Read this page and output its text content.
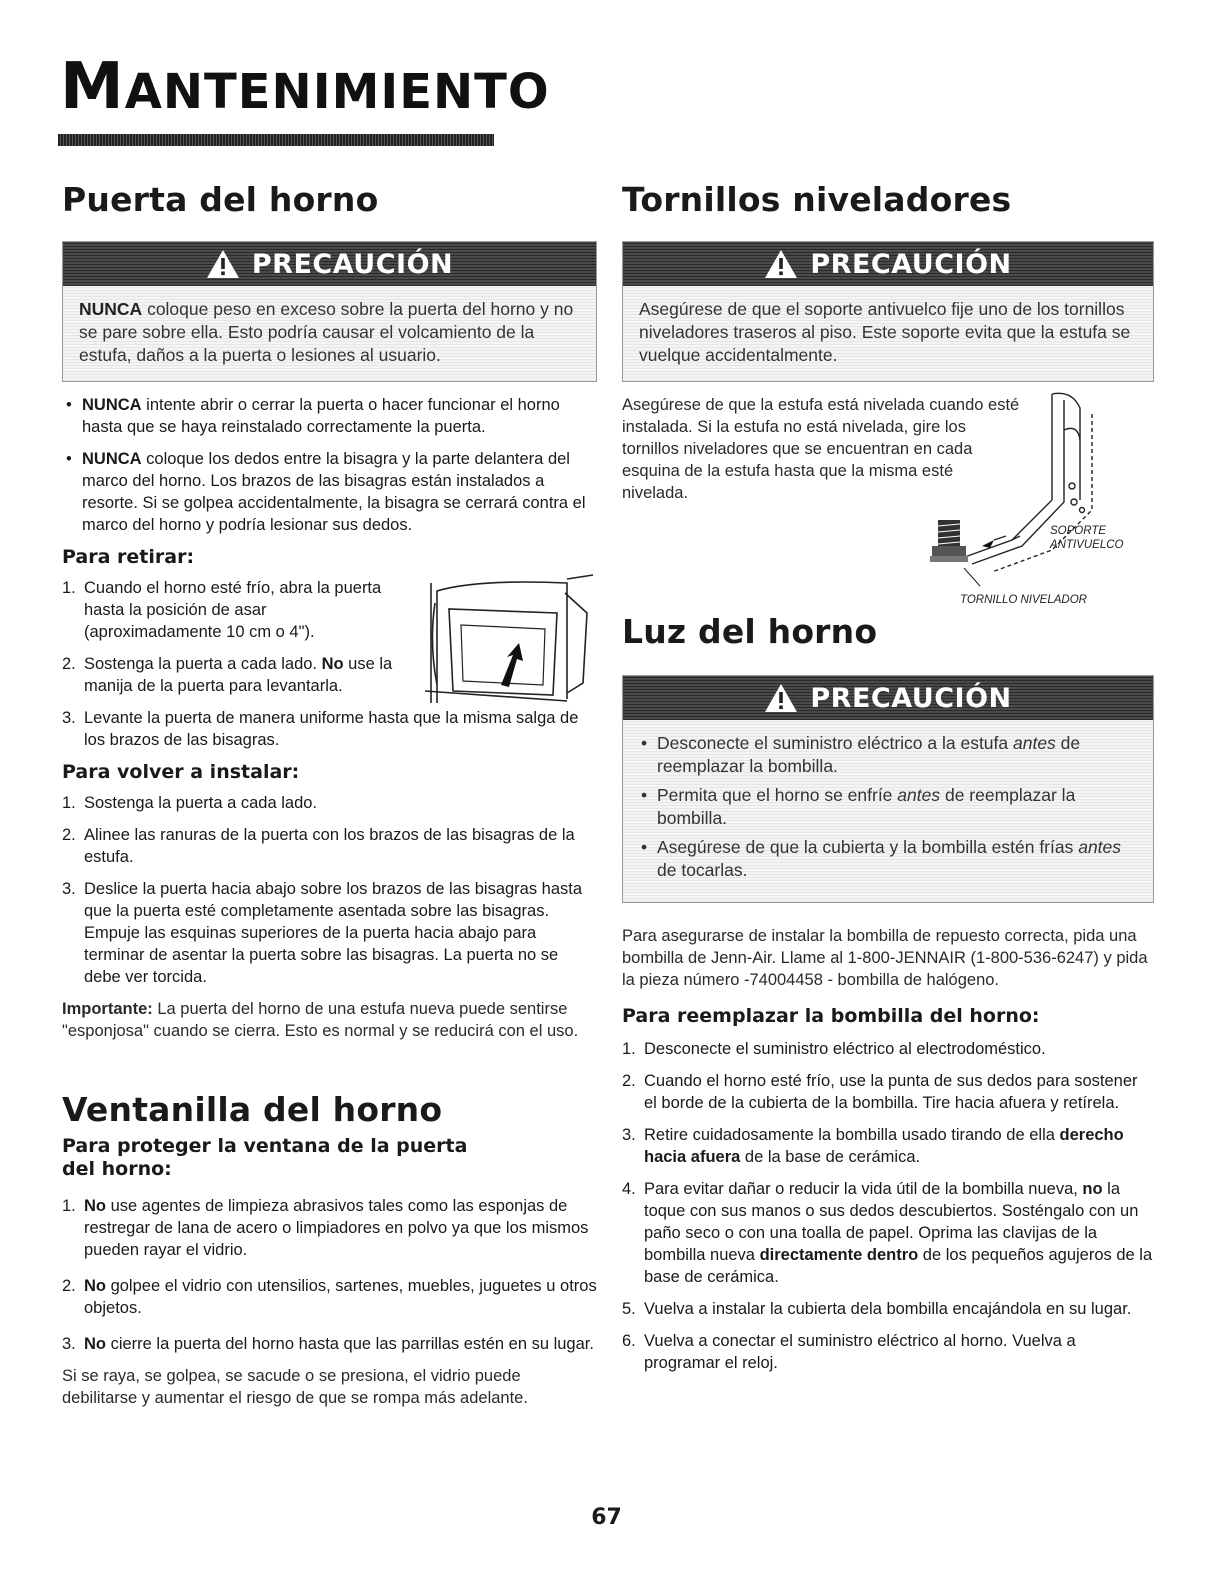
MANTENIMIENTO
Puerta del horno
PRECAUCIÓN
NUNCA coloque peso en exceso sobre la puerta del horno y no se pare sobre ella. Esto podría causar el volcamiento de la estufa, daños a la puerta o lesiones al usuario.
• NUNCA intente abrir o cerrar la puerta o hacer funcionar el horno hasta que se haya reinstalado correctamente la puerta.
• NUNCA coloque los dedos entre la bisagra y la parte delantera del marco del horno. Los brazos de las bisagras están instalados a resorte. Si se golpea accidentalmente, la bisagra se cerrará contra el marco del horno y podría lesionar sus dedos.
Para retirar:
1. Cuando el horno esté frío, abra la puerta hasta la posición de asar (aproximadamente 10 cm o 4").
2. Sostenga la puerta a cada lado. No use la manija de la puerta para levantarla.
3. Levante la puerta de manera uniforme hasta que la misma salga de los brazos de las bisagras.
Para volver a instalar:
1. Sostenga la puerta a cada lado.
2. Alinee las ranuras de la puerta con los brazos de las bisagras de la estufa.
3. Deslice la puerta hacia abajo sobre los brazos de las bisagras hasta que la puerta esté completamente asentada sobre las bisagras. Empuje las esquinas superiores de la puerta hacia abajo para terminar de asentar la puerta sobre las bisagras. La puerta no se debe ver torcida.

Importante: La puerta del horno de una estufa nueva puede sentirse "esponjosa" cuando se cierra. Esto es normal y se reducirá con el uso.

Ventanilla del horno
Para proteger la ventana de la puerta del horno:
1. No use agentes de limpieza abrasivos tales como las esponjas de restregar de lana de acero o limpiadores en polvo ya que los mismos pueden rayar el vidrio.
2. No golpee el vidrio con utensilios, sartenes, muebles, juguetes u otros objetos.
3. No cierre la puerta del horno hasta que las parrillas estén en su lugar.

Si se raya, se golpea, se sacude o se presiona, el vidrio puede debilitarse y aumentar el riesgo de que se rompa más adelante.

Tornillos niveladores
PRECAUCIÓN
Asegúrese de que el soporte antivuelco fije uno de los tornillos niveladores traseros al piso. Este soporte evita que la estufa se vuelque accidentalmente.

Asegúrese de que la estufa está nivelada cuando esté instalada. Si la estufa no está nivelada, gire los tornillos niveladores que se encuentran en cada esquina de la estufa hasta que la misma esté nivelada.

SOPORTE
ANTIVUELCO
TORNILLO NIVELADOR
Luz del horno
PRECAUCIÓN
• Desconecte el suministro eléctrico a la estufa antes de reemplazar la bombilla.
• Permita que el horno se enfríe antes de reemplazar la bombilla.
• Asegúrese de que la cubierta y la bombilla estén frías antes de tocarlas.

Para asegurarse de instalar la bombilla de repuesto correcta, pida una bombilla de Jenn-Air. Llame al 1-800-JENNAIR (1-800-536-6247) y pida la pieza número -74004458 - bombilla de halógeno.

Para reemplazar la bombilla del horno:
1. Desconecte el suministro eléctrico al electrodoméstico.
2. Cuando el horno esté frío, use la punta de sus dedos para sostener el borde de la cubierta de la bombilla. Tire hacia afuera y retírela.
3. Retire cuidadosamente la bombilla usado tirando de ella derecho hacia afuera de la base de cerámica.
4. Para evitar dañar o reducir la vida útil de la bombilla nueva, no la toque con sus manos o sus dedos descubiertos. Sosténgalo con un paño seco o con una toalla de papel. Oprima las clavijas de la bombilla nueva directamente dentro de los pequeños agujeros de la base de cerámica.
5. Vuelva a instalar la cubierta dela bombilla encajándola en su lugar.
6. Vuelva a conectar el suministro eléctrico al horno. Vuelva a programar el reloj.
67
